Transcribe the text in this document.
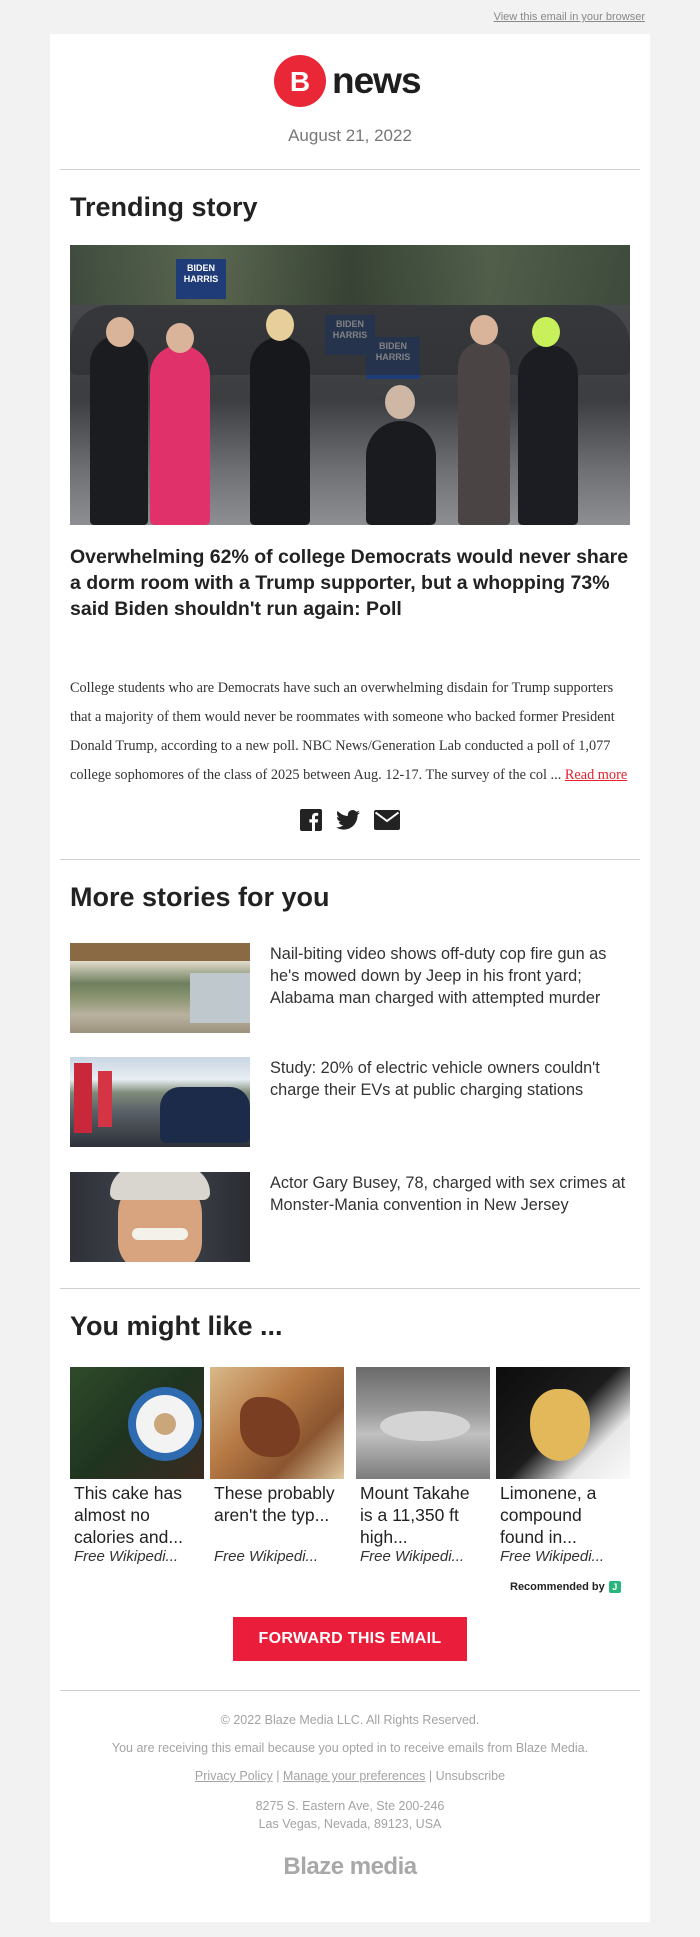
View this email in your browser
B news
August 21, 2022
Trending story
BIDEN HARRIS
Overwhelming 62% of college Democrats would never share a dorm room with a Trump supporter, but a whopping 73% said Biden shouldn't run again: Poll
College students who are Democrats have such an overwhelming disdain for Trump supporters that a majority of them would never be roommates with someone who backed former President Donald Trump, according to a new poll. NBC News/Generation Lab conducted a poll of 1,077 college sophomores of the class of 2025 between Aug. 12-17. The survey of the col ... Read more
More stories for you
Nail-biting video shows off-duty cop fire gun as he's mowed down by Jeep in his front yard; Alabama man charged with attempted murder
Study: 20% of electric vehicle owners couldn't charge their EVs at public charging stations
Actor Gary Busey, 78, charged with sex crimes at Monster-Mania convention in New Jersey
You might like ...
This cake has almost no calories and...
Free Wikipedi...
These probably aren't the typ...
Free Wikipedi...
Mount Takahe is a 11,350 ft high...
Free Wikipedi...
Limonene, a compound found in...
Free Wikipedi...
Recommended by J
FORWARD THIS EMAIL
© 2022 Blaze Media LLC. All Rights Reserved.
You are receiving this email because you opted in to receive emails from Blaze Media.
Privacy Policy | Manage your preferences | Unsubscribe
8275 S. Eastern Ave, Ste 200-246
Las Vegas, Nevada, 89123, USA
Blaze media
